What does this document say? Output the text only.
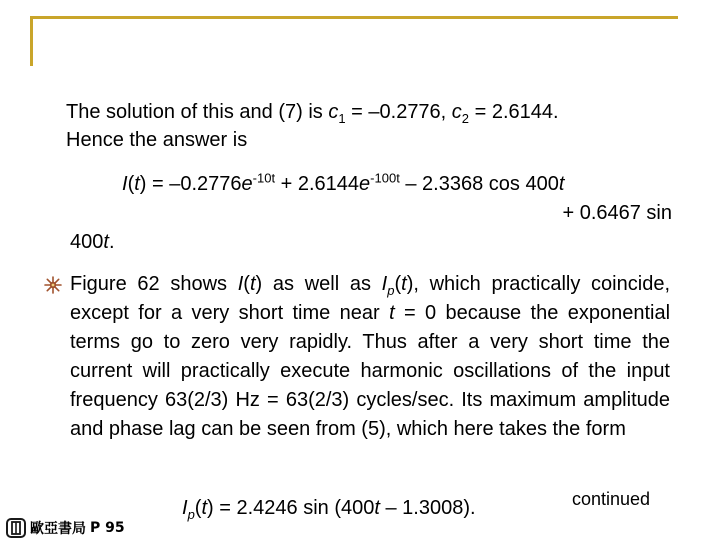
The solution of this and (7) is $c_1 = -0.2776$, $c_2 = 2.6144$.
Hence the answer is
$I(t) = -0.2776e^{-10t} + 2.6144e^{-100t} - 2.3368$ cos 400t
+ 0.6467 sin
400t.
Figure 62 shows I(t) as well as $I_p(t)$, which practically coincide, except for a very short time near t = 0 because the exponential terms go to zero very rapidly. Thus after a very short time the current will practically execute harmonic oscillations of the input frequency 63(2/3) Hz = 63(2/3) cycles/sec. Its maximum amplitude and phase lag can be seen from (5), which here takes the form
$I_p(t) = 2.4246$ sin (400t – 1.3008).	continued
歐亞書局 P 95
